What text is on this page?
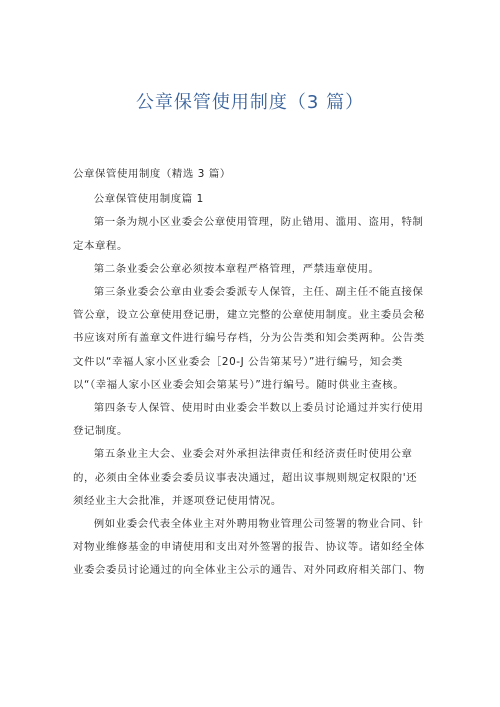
公章保管使用制度（3 篇）

公章保管使用制度（精选 3 篇）

公章保管使用制度篇 1

第一条为规小区业委会公章使用管理，防止错用、滥用、盗用，特制定本章程。

第二条业委会公章必须按本章程严格管理，严禁违章使用。

第三条业委会公章由业委会委派专人保管，主任、副主任不能直接保管公章，设立公章使用登记册，建立完整的公章使用制度。业主委员会秘书应该对所有盖章文件进行编号存档，分为公告类和知会类两种。公告类文件以“幸福人家小区业委会［20-J 公告第某号）”进行编号，知会类以“（幸福人家小区业委会知会第某号）”进行编号。随时供业主查核。

第四条专人保管、使用时由业委会半数以上委员讨论通过并实行使用登记制度。

第五条业主大会、业委会对外承担法律责任和经济责任时使用公章的，必须由全体业委会委员议事表决通过，超出议事规则规定权限的'还须经业主大会批准，并逐项登记使用情况。

例如业委会代表全体业主对外聘用物业管理公司签署的物业合同、针对物业维修基金的申请使用和支出对外签署的报告、协议等。诸如经全体业委会委员讨论通过的向全体业主公示的通告、对外同政府相关部门、物
